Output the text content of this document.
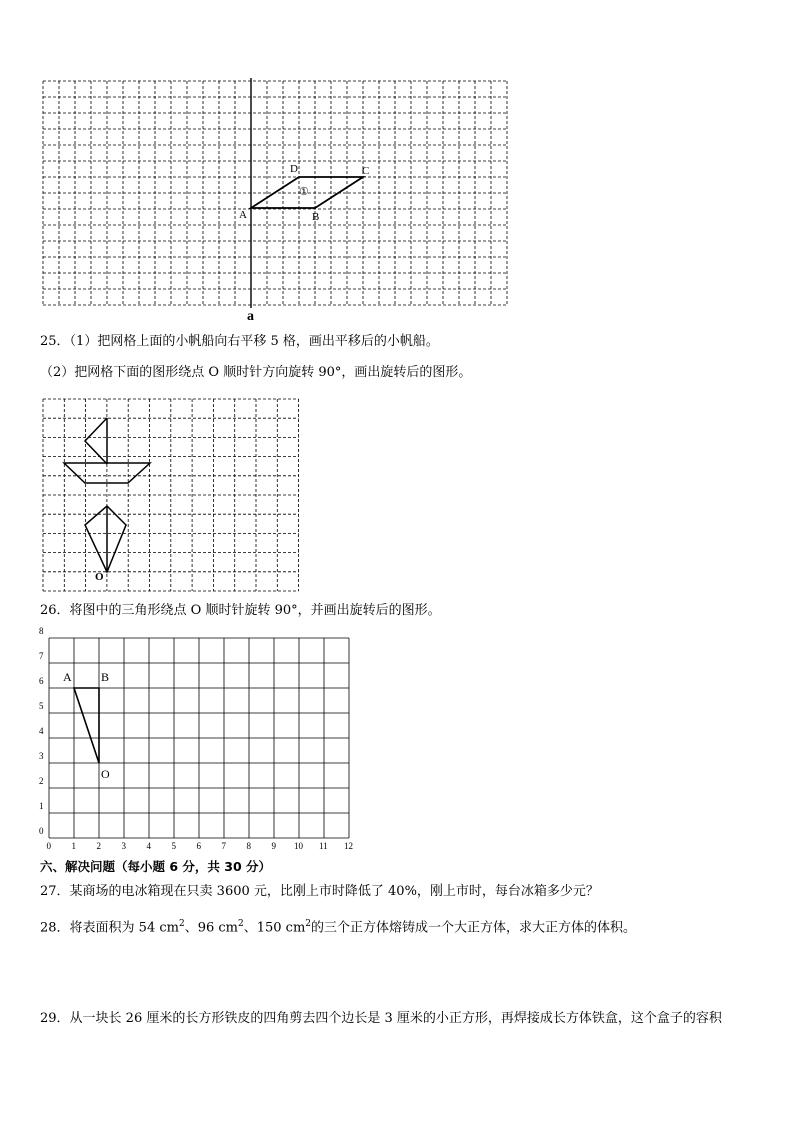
a
A	B
C
D
①
25．（1）把网格上面的小帆船向右平移 5 格，画出平移后的小帆船。
（2）把网格下面的图形绕点 O 顺时针方向旋转 90°，画出旋转后的图形。
O
26．将图中的三角形绕点 O 顺时针旋转 90°，并画出旋转后的图形。
0 1 2 3 4 5 6 7 8 9 10 11 12
0
1
2
3
4
5
6
7
8
A B
O
六、解决问题（每小题 6 分，共 30 分）
27．某商场的电冰箱现在只卖 3600 元，比刚上市时降低了 40%，刚上市时，每台冰箱多少元？
28．将表面积为 54 $cm^2$、96 $cm^2$、150 $cm^2$的三个正方体熔铸成一个大正方体，求大正方体的体积。
29．从一块长 26 厘米的长方形铁皮的四角剪去四个边长是 3 厘米的小正方形，再焊接成长方体铁盒，这个盒子的容积
